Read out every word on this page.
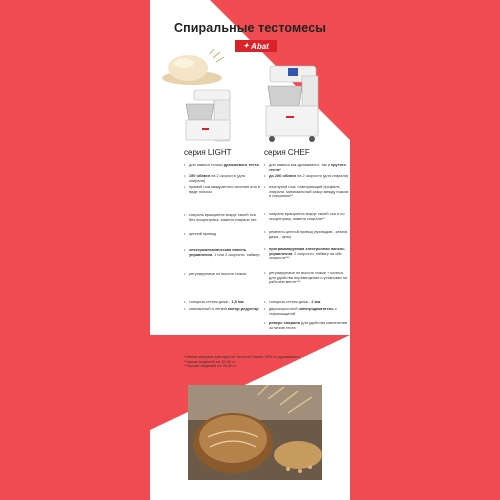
Спиральные тестомесы
✦ Abat
серия LIGHT	серия CHEF
• для замеса только дрожжевого теста
• 150 об/мин на 2 скорости (для спирали)
• прямой нож квадратного сечения или в виде полосы
• спираль вращается вокруг своей оси без эксцентрика, замена спирали нет
• цепной привод
• электромеханическая панель управления, 1 или 2 скорости, таймер
• регулируемые по высоте ножки
• толщина стенок дежи - 1,5 мм
• компактный и легкий мотор-редуктор
• для замеса как дрожжевого, так и крутого теста*
• до 280 об/мин на 2 скорости (для спирали)
• изогнутый нож, повторяющий профиль спирали, минимальный зазор между ножом и спиралью**
• спираль вращается вокруг своей оси и по эксцентрику, замена спирали**
• ременно-цепной привод (приводов - ремни, дежа - цепь)
• программируемая электронная панель управления, 2 скорости, таймер на обе скорости***
• регулируемые по высоте ножки + колеса для удобства перемещения и установки на рабочем месте***
• толщина стенок дежи - 2 мм
• двухскоростной электродвигатель с термозащитой
• реверс спирали для удобства извлечения остатков теста
*объем загрузки для крутого теста не более 30% от дрожжевого
**кроме моделей на 20-30 л.
***кроме моделей на 20-40 л.
